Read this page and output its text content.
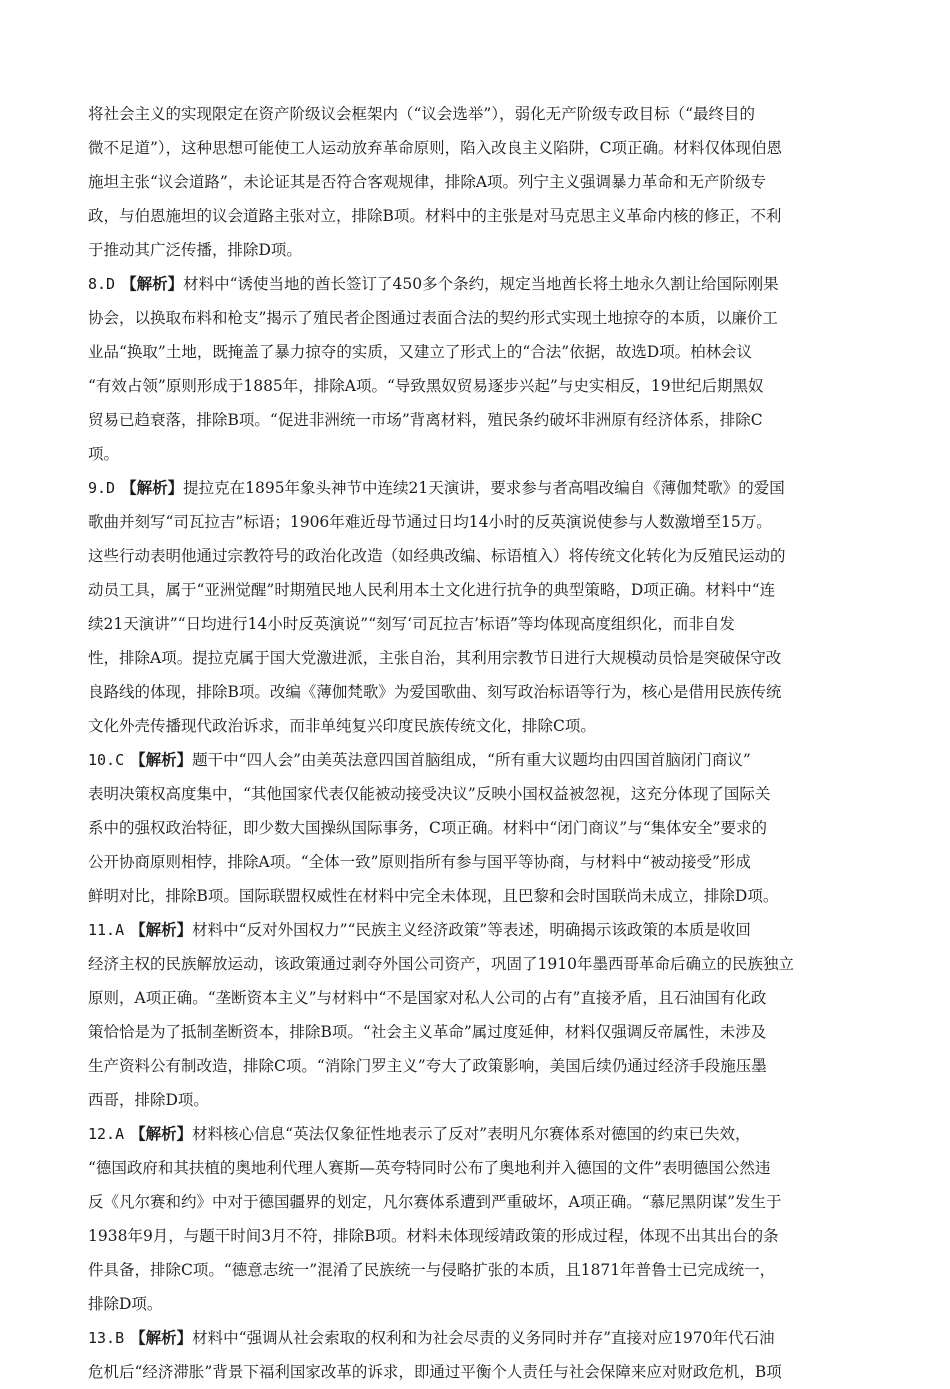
将社会主义的实现限定在资产阶级议会框架内（“议会选举”），弱化无产阶级专政目标（“最终目的
微不足道”），这种思想可能使工人运动放弃革命原则，陷入改良主义陷阱，C项正确。材料仅体现伯恩
施坦主张“议会道路”，未论证其是否符合客观规律，排除A项。列宁主义强调暴力革命和无产阶级专
政，与伯恩施坦的议会道路主张对立，排除B项。材料中的主张是对马克思主义革命内核的修正，不利
于推动其广泛传播，排除D项。
8.D 【解析】材料中“诱使当地的酋长签订了450多个条约，规定当地酋长将土地永久割让给国际刚果
协会，以换取布料和枪支”揭示了殖民者企图通过表面合法的契约形式实现土地掠夺的本质，以廉价工
业品“换取”土地，既掩盖了暴力掠夺的实质，又建立了形式上的“合法”依据，故选D项。柏林会议
“有效占领”原则形成于1885年，排除A项。“导致黑奴贸易逐步兴起”与史实相反，19世纪后期黑奴
贸易已趋衰落，排除B项。“促进非洲统一市场”背离材料，殖民条约破坏非洲原有经济体系，排除C
项。
9.D 【解析】提拉克在1895年象头神节中连续21天演讲，要求参与者高唱改编自《薄伽梵歌》的爱国
歌曲并刻写“司瓦拉吉”标语；1906年难近母节通过日均14小时的反英演说使参与人数激增至15万。
这些行动表明他通过宗教符号的政治化改造（如经典改编、标语植入）将传统文化转化为反殖民运动的
动员工具，属于“亚洲觉醒”时期殖民地人民利用本土文化进行抗争的典型策略，D项正确。材料中“连
续21天演讲”“日均进行14小时反英演说”“刻写‘司瓦拉吉’标语”等均体现高度组织化，而非自发
性，排除A项。提拉克属于国大党激进派，主张自治，其利用宗教节日进行大规模动员恰是突破保守改
良路线的体现，排除B项。改编《薄伽梵歌》为爱国歌曲、刻写政治标语等行为，核心是借用民族传统
文化外壳传播现代政治诉求，而非单纯复兴印度民族传统文化，排除C项。
10.C 【解析】题干中“四人会”由美英法意四国首脑组成，“所有重大议题均由四国首脑闭门商议”
表明决策权高度集中，“其他国家代表仅能被动接受决议”反映小国权益被忽视，这充分体现了国际关
系中的强权政治特征，即少数大国操纵国际事务，C项正确。材料中“闭门商议”与“集体安全”要求的
公开协商原则相悖，排除A项。“全体一致”原则指所有参与国平等协商，与材料中“被动接受”形成
鲜明对比，排除B项。国际联盟权威性在材料中完全未体现，且巴黎和会时国联尚未成立，排除D项。
11.A 【解析】材料中“反对外国权力”“民族主义经济政策”等表述，明确揭示该政策的本质是收回
经济主权的民族解放运动，该政策通过剥夺外国公司资产，巩固了1910年墨西哥革命后确立的民族独立
原则，A项正确。“垄断资本主义”与材料中“不是国家对私人公司的占有”直接矛盾，且石油国有化政
策恰恰是为了抵制垄断资本，排除B项。“社会主义革命”属过度延伸，材料仅强调反帝属性，未涉及
生产资料公有制改造，排除C项。“消除门罗主义”夸大了政策影响，美国后续仍通过经济手段施压墨
西哥，排除D项。
12.A 【解析】材料核心信息“英法仅象征性地表示了反对”表明凡尔赛体系对德国的约束已失效，
“德国政府和其扶植的奥地利代理人赛斯—英夸特同时公布了奥地利并入德国的文件”表明德国公然违
反《凡尔赛和约》中对于德国疆界的划定，凡尔赛体系遭到严重破坏，A项正确。“慕尼黑阴谋”发生于
1938年9月，与题干时间3月不符，排除B项。材料未体现绥靖政策的形成过程，体现不出其出台的条
件具备，排除C项。“德意志统一”混淆了民族统一与侵略扩张的本质，且1871年普鲁士已完成统一，
排除D项。
13.B 【解析】材料中“强调从社会索取的权利和为社会尽责的义务同时并存”直接对应1970年代石油
危机后“经济滞胀”背景下福利国家改革的诉求，即通过平衡个人责任与社会保障来应对财政危机，B项
